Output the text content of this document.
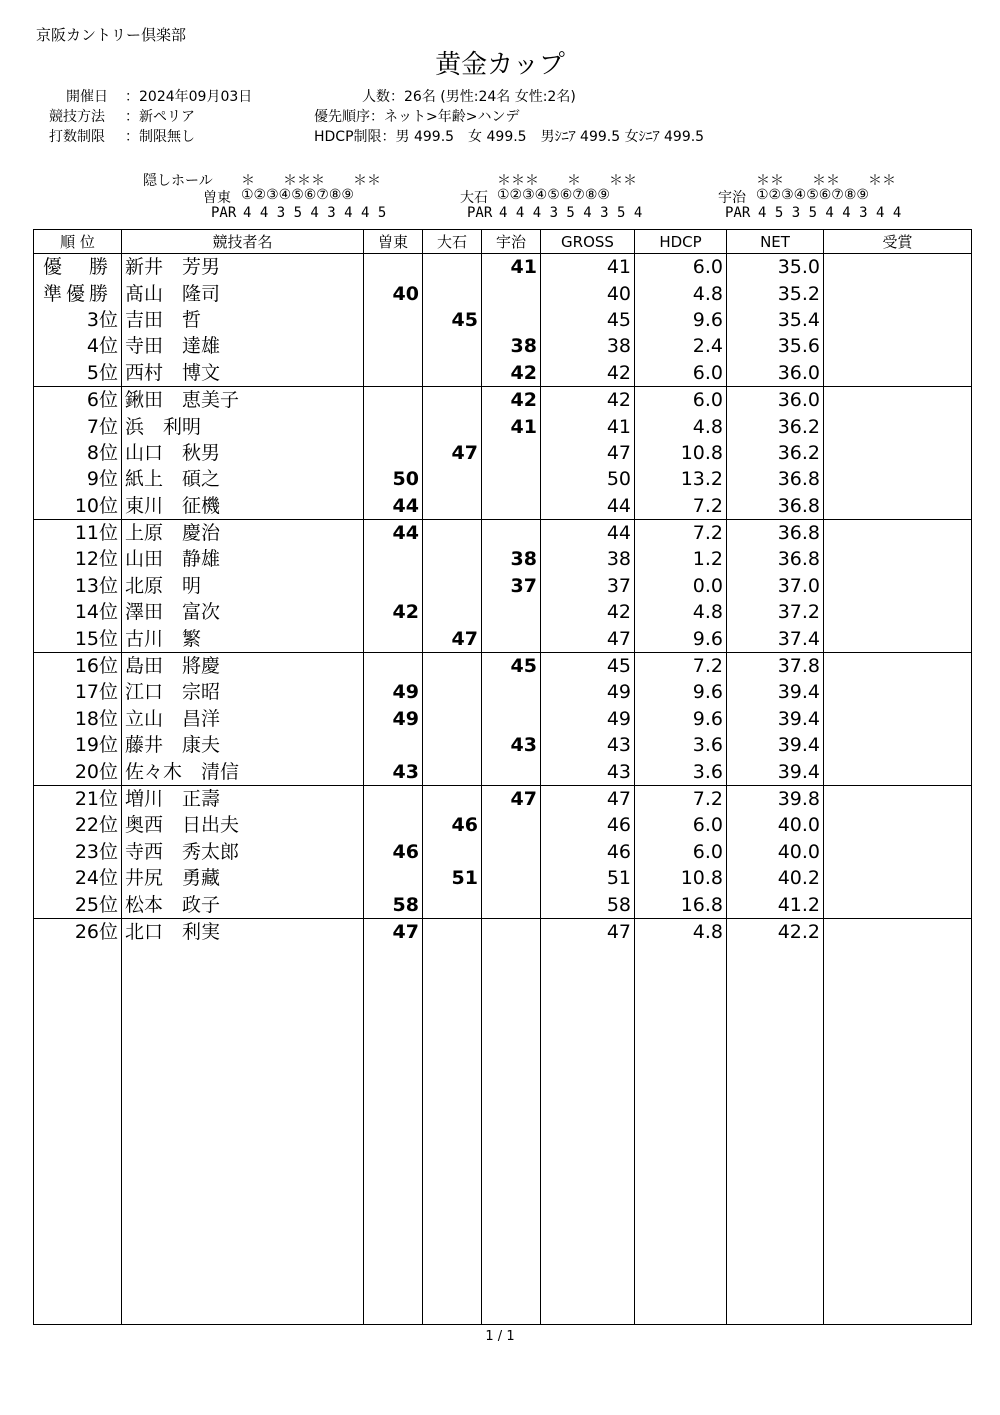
京阪カントリー倶楽部
黄金カップ
開催日 ：2024年09月03日
競技方法 ：新ペリア
打数制限 ：制限無し
人数：26名 (男性:24名 女性:2名)
優先順序：ネット>年齢>ハンデ
HDCP制限：男 499.5　女 499.5　男ｼﾆｱ 499.5 女ｼﾆｱ 499.5
隠しホール ＊　　＊＊＊　　＊＊	＊＊＊　　＊　　＊＊	＊＊　　＊＊　　＊＊
曽東 ①②③④⑤⑥⑦⑧⑨	大石 ①②③④⑤⑥⑦⑧⑨	宇治 ①②③④⑤⑥⑦⑧⑨
PAR 4 4 3 5 4 3 4 4 5	PAR 4 4 4 3 5 4 3 5 4	PAR 4 5 3 5 4 4 3 4 4
順 位	競技者名	曽東	大石	宇治	GROSS	HDCP	NET	受賞
優　勝	新井　芳男			41	41	6.0	35.0	
準優勝	髙山　隆司	40			40	4.8	35.2	
3位	吉田　哲		45		45	9.6	35.4	
4位	寺田　達雄			38	38	2.4	35.6	
5位	西村　博文			42	42	6.0	36.0	
6位	鍬田　恵美子			42	42	6.0	36.0	
7位	浜　利明			41	41	4.8	36.2	
8位	山口　秋男		47		47	10.8	36.2	
9位	紙上　碩之	50			50	13.2	36.8	
10位	東川　征機	44			44	7.2	36.8	
11位	上原　慶治	44			44	7.2	36.8	
12位	山田　静雄			38	38	1.2	36.8	
13位	北原　明			37	37	0.0	37.0	
14位	澤田　富次	42			42	4.8	37.2	
15位	古川　繁		47		47	9.6	37.4	
16位	島田　將慶			45	45	7.2	37.8	
17位	江口　宗昭	49			49	9.6	39.4	
18位	立山　昌洋	49			49	9.6	39.4	
19位	藤井　康夫			43	43	3.6	39.4	
20位	佐々木　清信	43			43	3.6	39.4	
21位	増川　正壽			47	47	7.2	39.8	
22位	奥西　日出夫		46		46	6.0	40.0	
23位	寺西　秀太郎	46			46	6.0	40.0	
24位	井尻　勇藏		51		51	10.8	40.2	
25位	松本　政子	58			58	16.8	41.2	
26位	北口　利実	47			47	4.8	42.2	

1 / 1
